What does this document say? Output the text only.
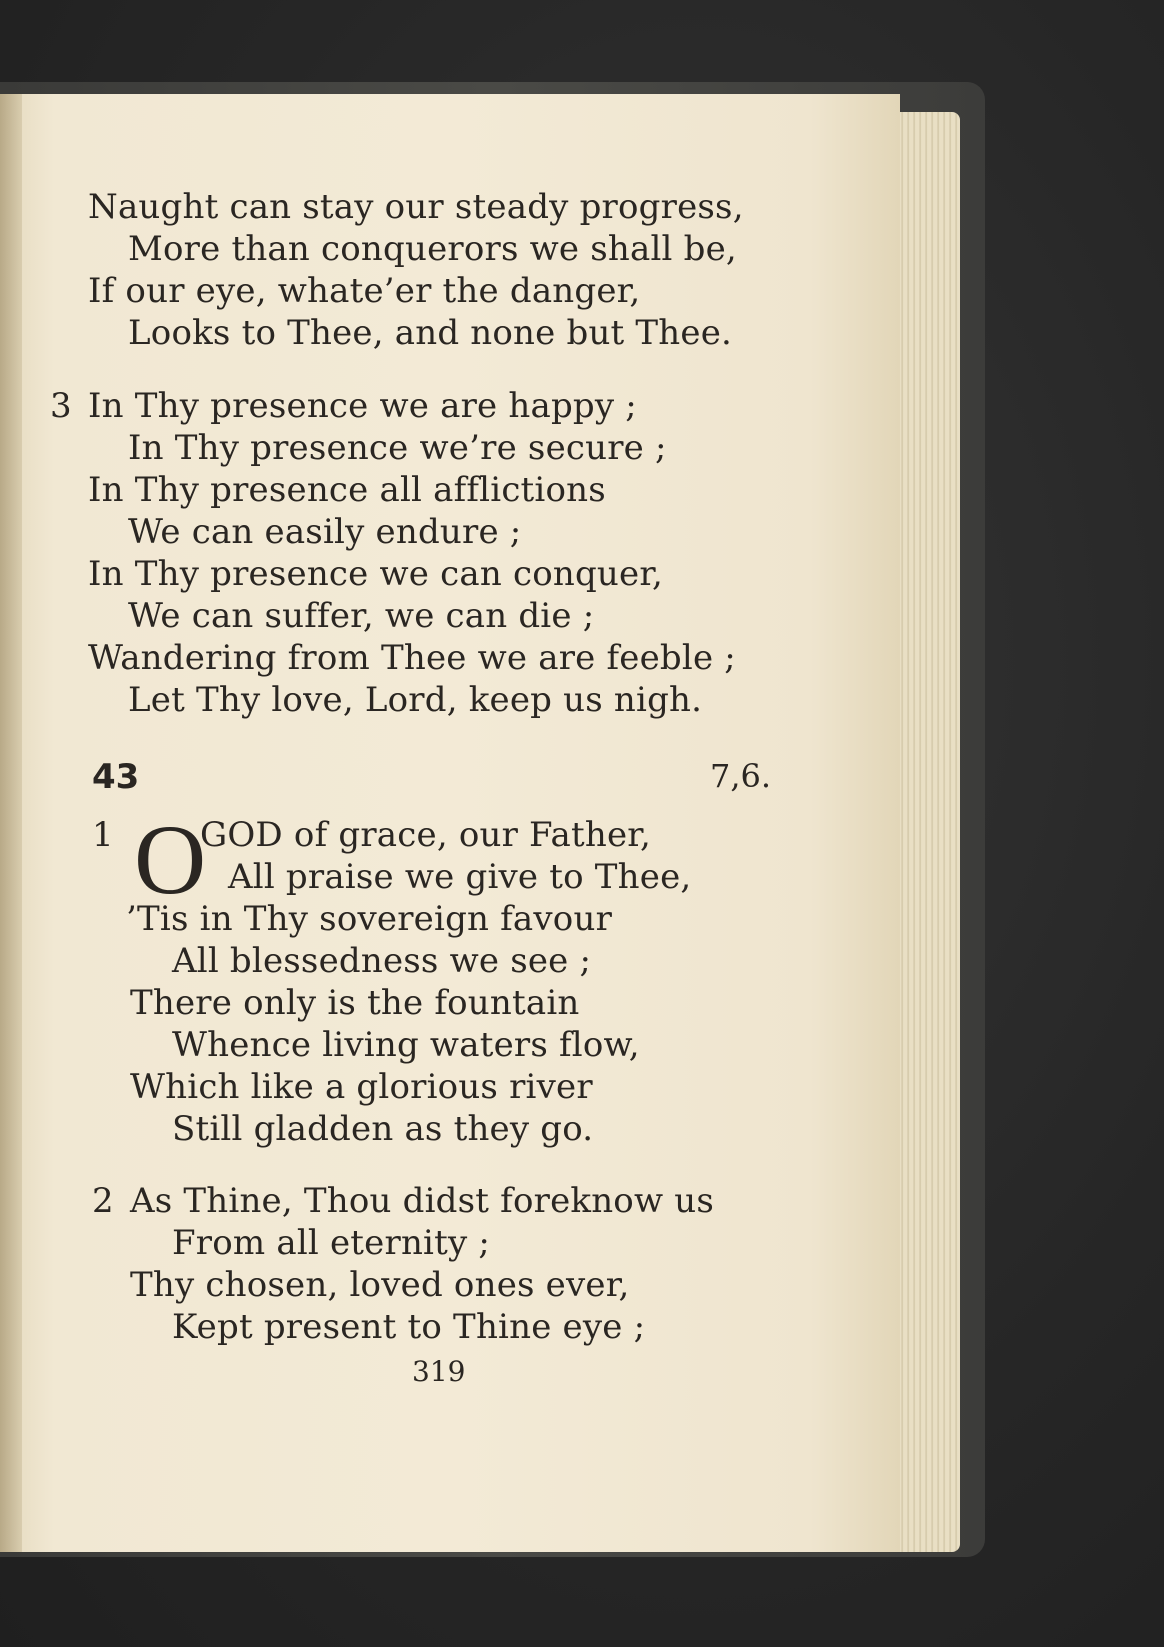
Naught can stay our steady progress,
More than conquerors we shall be,
If our eye, whate’er the danger,
Looks to Thee, and none but Thee.
3 In Thy presence we are happy ;
In Thy presence we’re secure ;
In Thy presence all afflictions
We can easily endure ;
In Thy presence we can conquer,
We can suffer, we can die ;
Wandering from Thee we are feeble ;
Let Thy love, Lord, keep us nigh.
1	GOD of grace, our Father,
All praise we give to Thee,
’Tis in Thy sovereign favour
All blessedness we see ;
There only is the fountain
Whence living waters flow,
Which like a glorious river
Still gladden as they go.
2 As Thine, Thou didst foreknow us
From all eternity ;
Thy chosen, loved ones ever,
Kept present to Thine eye ;
43	7,6.
O
319
